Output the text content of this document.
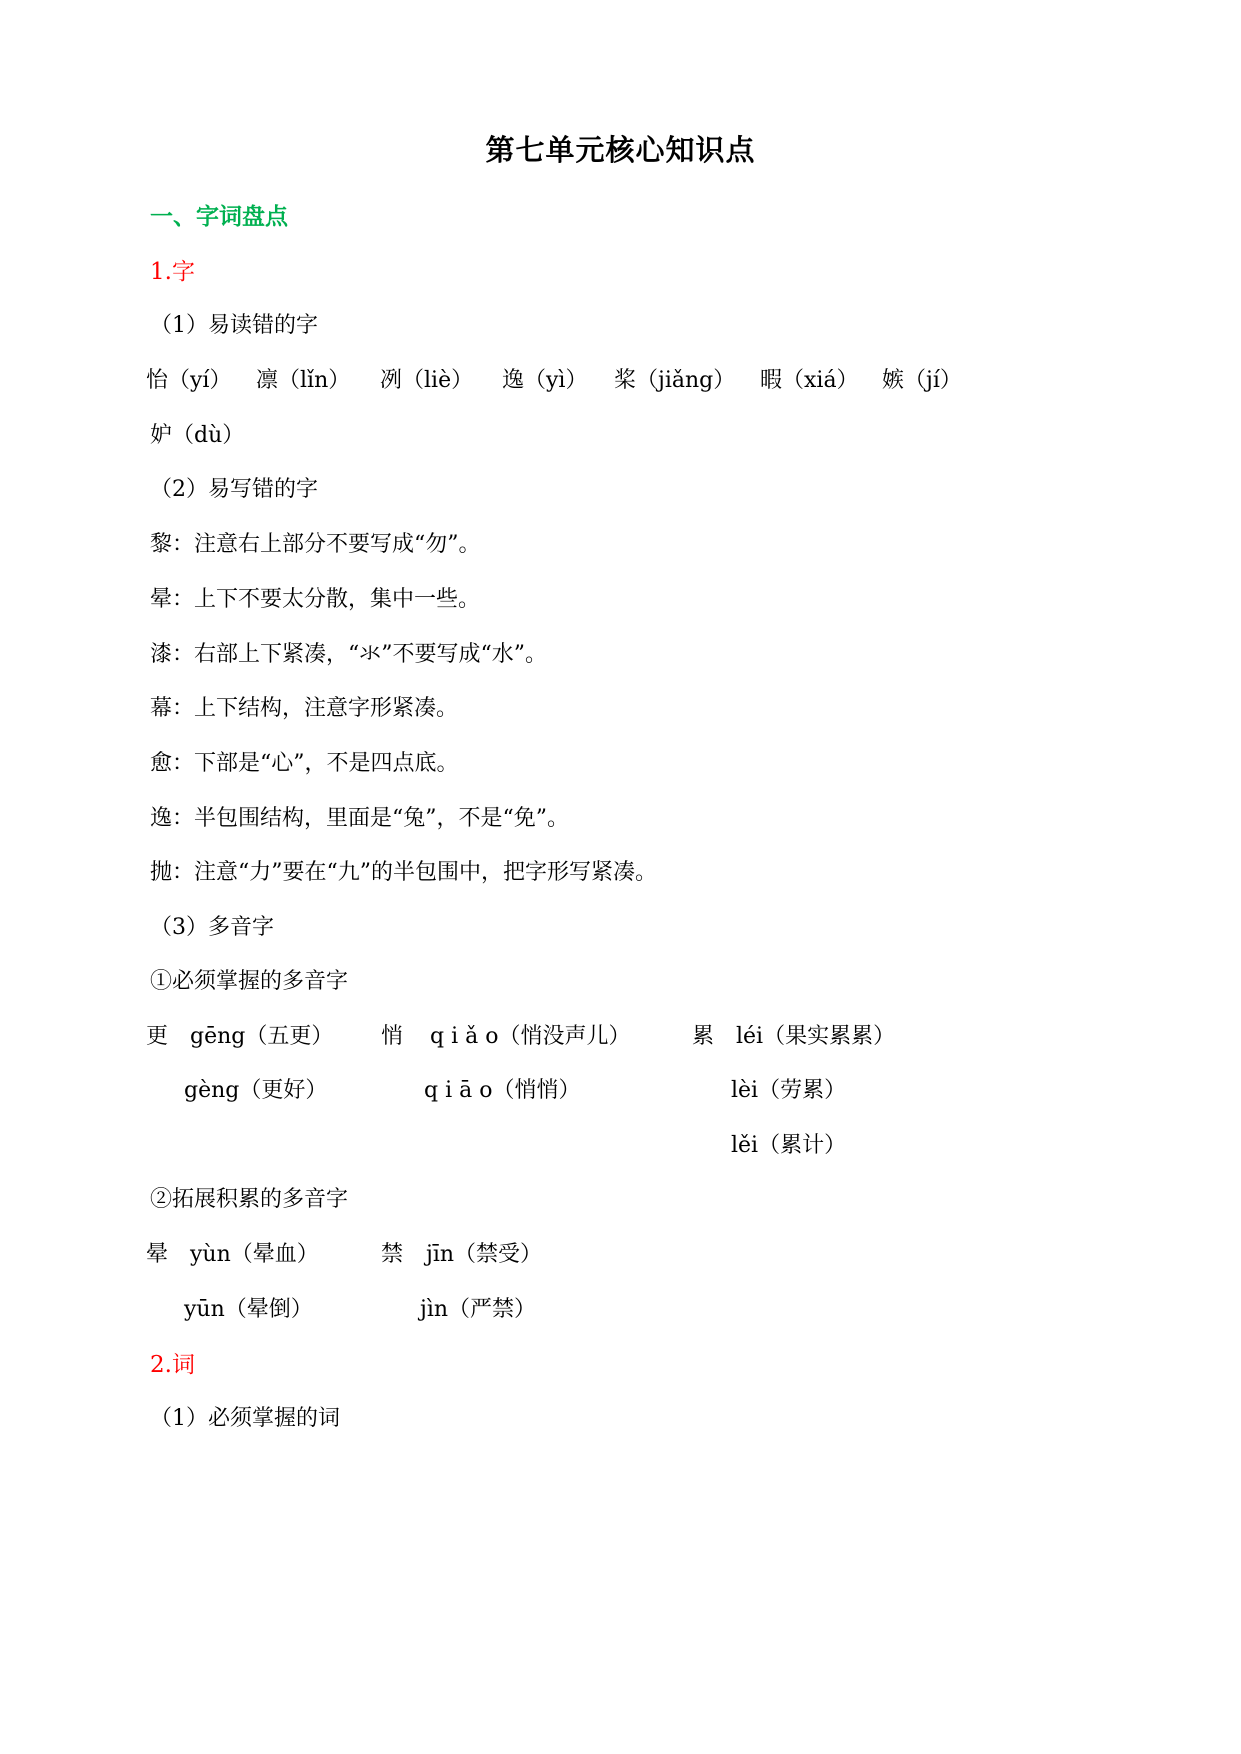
第七单元核心知识点
一、字词盘点
1.字
（1）易读错的字
怡（yí） 凛（lǐn） 冽（liè） 逸（yì） 桨（jiǎng） 暇（xiá） 嫉（jí）
妒（dù）
（2）易写错的字
黎：注意右上部分不要写成“勿”。
晕：上下不要太分散，集中一些。
漆：右部上下紧凑，“氺”不要写成“水”。
幕：上下结构，注意字形紧凑。
愈：下部是“心”，不是四点底。
逸：半包围结构，里面是“兔”，不是“免”。
抛：注意“力”要在“九”的半包围中，把字形写紧凑。
（3）多音字
①必须掌握的多音字
更 gēng（五更）
gèng（更好）
悄 q i ǎ o（悄没声儿）
q i ā o（悄悄）
累 léi（果实累累）
lèi（劳累）
lěi（累计）
②拓展积累的多音字
晕 yùn（晕血）
yūn（晕倒）
禁 jīn（禁受）
jìn（严禁）
2.词
（1）必须掌握的词
